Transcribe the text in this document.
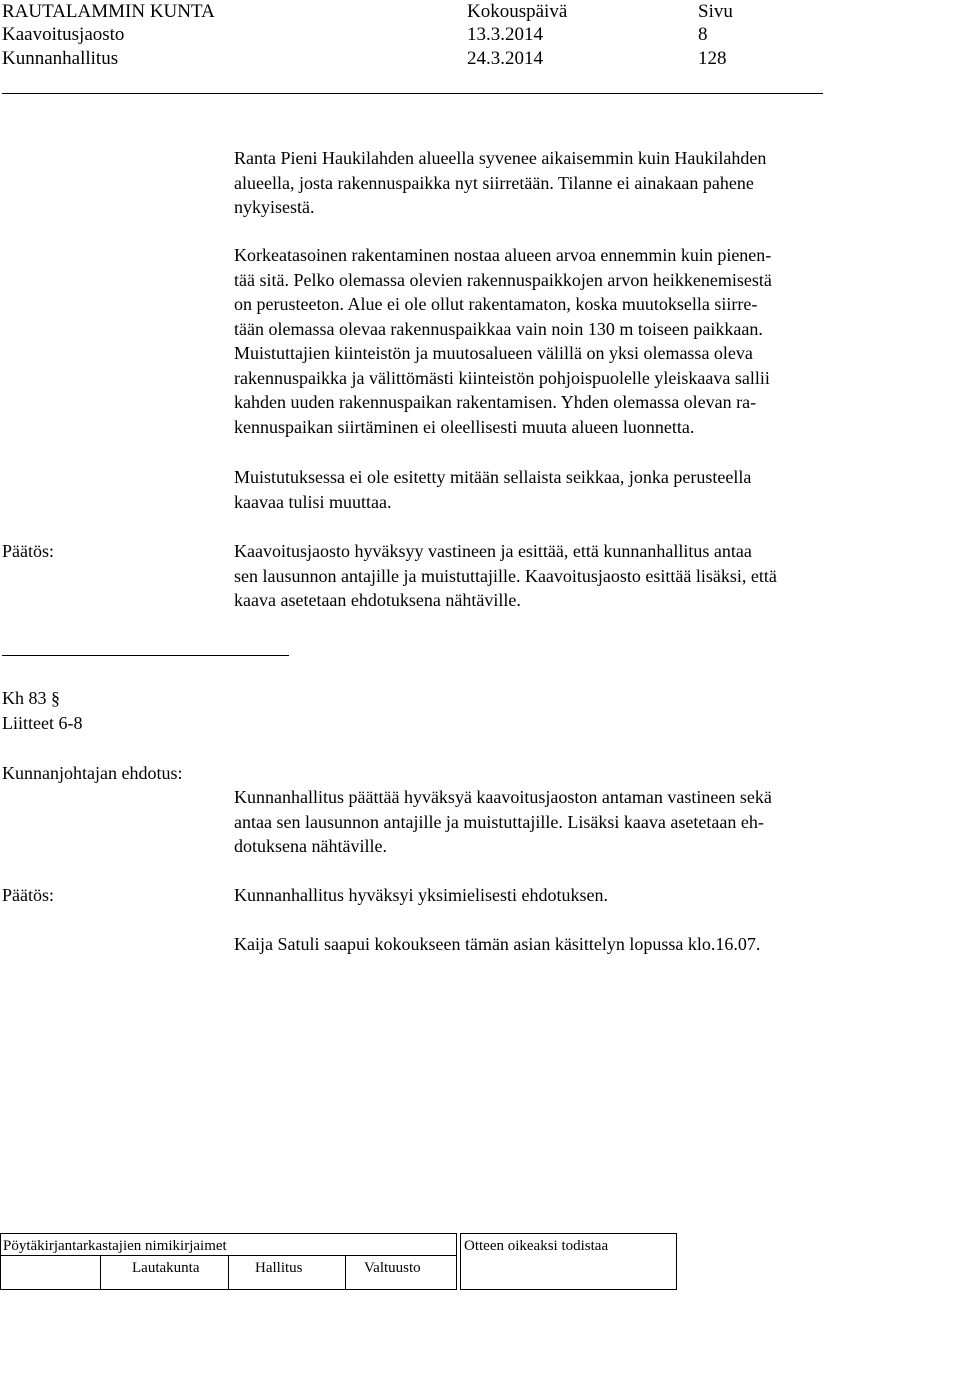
RAUTALAMMIN KUNTA	Kokouspäivä	Sivu
Kaavoitusjaosto	13.3.2014	8
Kunnanhallitus	24.3.2014	128
Ranta Pieni Haukilahden alueella syvenee aikaisemmin kuin Haukilahden
alueella, josta rakennuspaikka nyt siirretään. Tilanne ei ainakaan pahene
nykyisestä.
Korkeatasoinen rakentaminen nostaa alueen arvoa ennemmin kuin pienen-
tää sitä. Pelko olemassa olevien rakennuspaikkojen arvon heikkenemisestä
on perusteeton. Alue ei ole ollut rakentamaton, koska muutoksella siirre-
tään olemassa olevaa rakennuspaikkaa vain noin 130 m toiseen paikkaan.
Muistuttajien kiinteistön ja muutosalueen välillä on yksi olemassa oleva
rakennuspaikka ja välittömästi kiinteistön pohjoispuolelle yleiskaava sallii
kahden uuden rakennuspaikan rakentamisen. Yhden olemassa olevan ra-
kennuspaikan siirtäminen ei oleellisesti muuta alueen luonnetta.
Muistutuksessa ei ole esitetty mitään sellaista seikkaa, jonka perusteella
kaavaa tulisi muuttaa.
Päätös:	Kaavoitusjaosto hyväksyy vastineen ja esittää, että kunnanhallitus antaa
sen lausunnon antajille ja muistuttajille. Kaavoitusjaosto esittää lisäksi, että
kaava asetetaan ehdotuksena nähtäville.
Kh 83 §
Liitteet 6-8
Kunnanjohtajan ehdotus:
Kunnanhallitus päättää hyväksyä kaavoitusjaoston antaman vastineen sekä
antaa sen lausunnon antajille ja muistuttajille. Lisäksi kaava asetetaan eh-
dotuksena nähtäville.
Päätös:	Kunnanhallitus hyväksyi yksimielisesti ehdotuksen.
Kaija Satuli saapui kokoukseen tämän asian käsittelyn lopussa klo.16.07.
Pöytäkirjantarkastajien nimikirjaimet
Lautakunta	Hallitus	Valtuusto
Otteen oikeaksi todistaa
